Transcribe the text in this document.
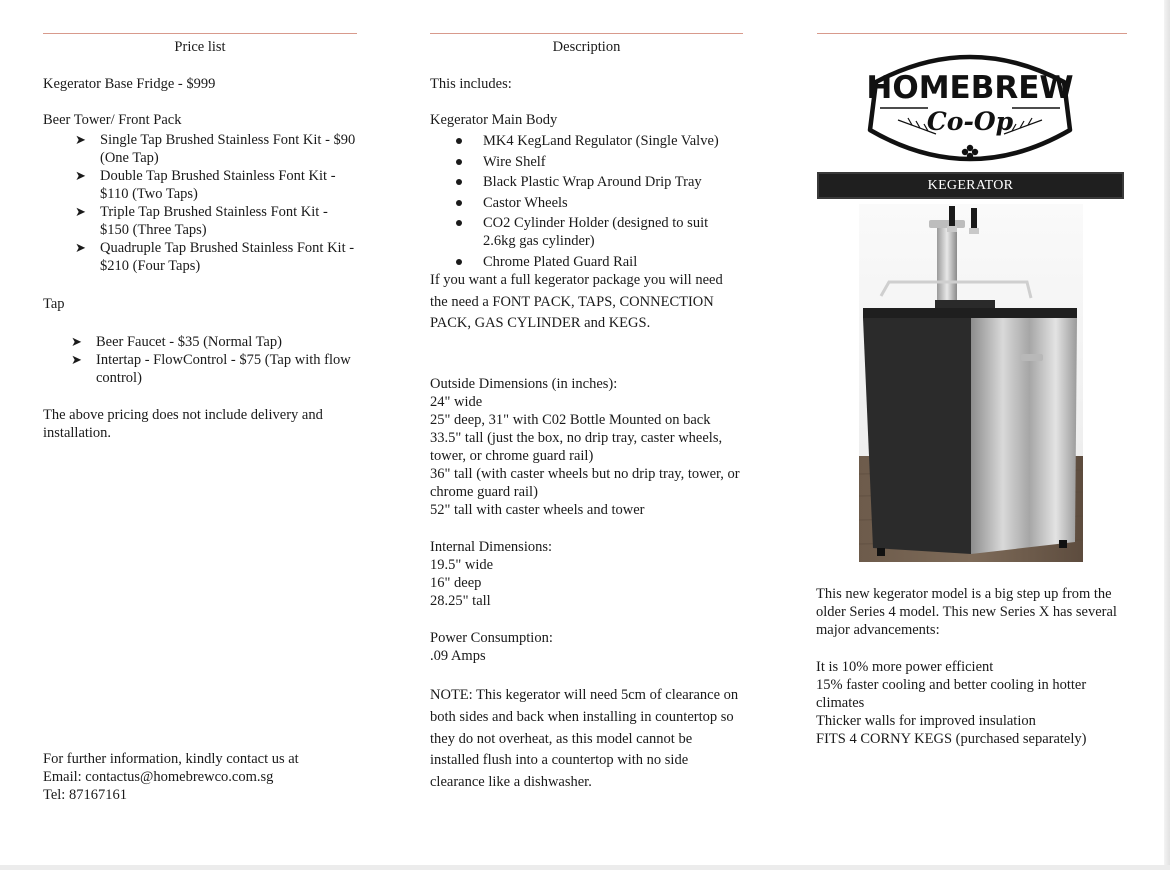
Price list
Kegerator Base Fridge - $999
Beer Tower/ Front Pack
➤ Single Tap Brushed Stainless Font Kit - $90 (One Tap)
➤ Double Tap Brushed Stainless Font Kit - $110 (Two Taps)
➤ Triple Tap Brushed Stainless Font Kit - $150 (Three Taps)
➤ Quadruple Tap Brushed Stainless Font Kit - $210 (Four Taps)
Tap
➤ Beer Faucet - $35 (Normal Tap)
➤ Intertap - FlowControl - $75 (Tap with flow control)
The above pricing does not include delivery and installation.
For further information, kindly contact us at
Email: contactus@homebrewco.com.sg
Tel: 87167161
Description
This includes:
Kegerator Main Body
MK4 KegLand Regulator (Single Valve)
Wire Shelf
Black Plastic Wrap Around Drip Tray
Castor Wheels
CO2 Cylinder Holder (designed to suit 2.6kg gas cylinder)
Chrome Plated Guard Rail
If you want a full kegerator package you will need the need a FONT PACK, TAPS, CONNECTION PACK, GAS CYLINDER and KEGS.
Outside Dimensions (in inches):
24" wide
25" deep, 31" with C02 Bottle Mounted on back
33.5" tall (just the box, no drip tray, caster wheels, tower, or chrome guard rail)
36" tall (with caster wheels but no drip tray, tower, or chrome guard rail)
52" tall with caster wheels and tower
Internal Dimensions:
19.5" wide
16" deep
28.25" tall
Power Consumption:
.09 Amps
NOTE: This kegerator will need 5cm of clearance on both sides and back when installing in countertop so they do not overheat, as this model cannot be installed flush into a countertop with no side clearance like a dishwasher.
HOMEBREW
Co-Op
KEGERATOR
This new kegerator model is a big step up from the older Series 4 model. This new Series X has several major advancements:
It is 10% more power efficient
15% faster cooling and better cooling in hotter climates
Thicker walls for improved insulation
FITS 4 CORNY KEGS (purchased separately)
